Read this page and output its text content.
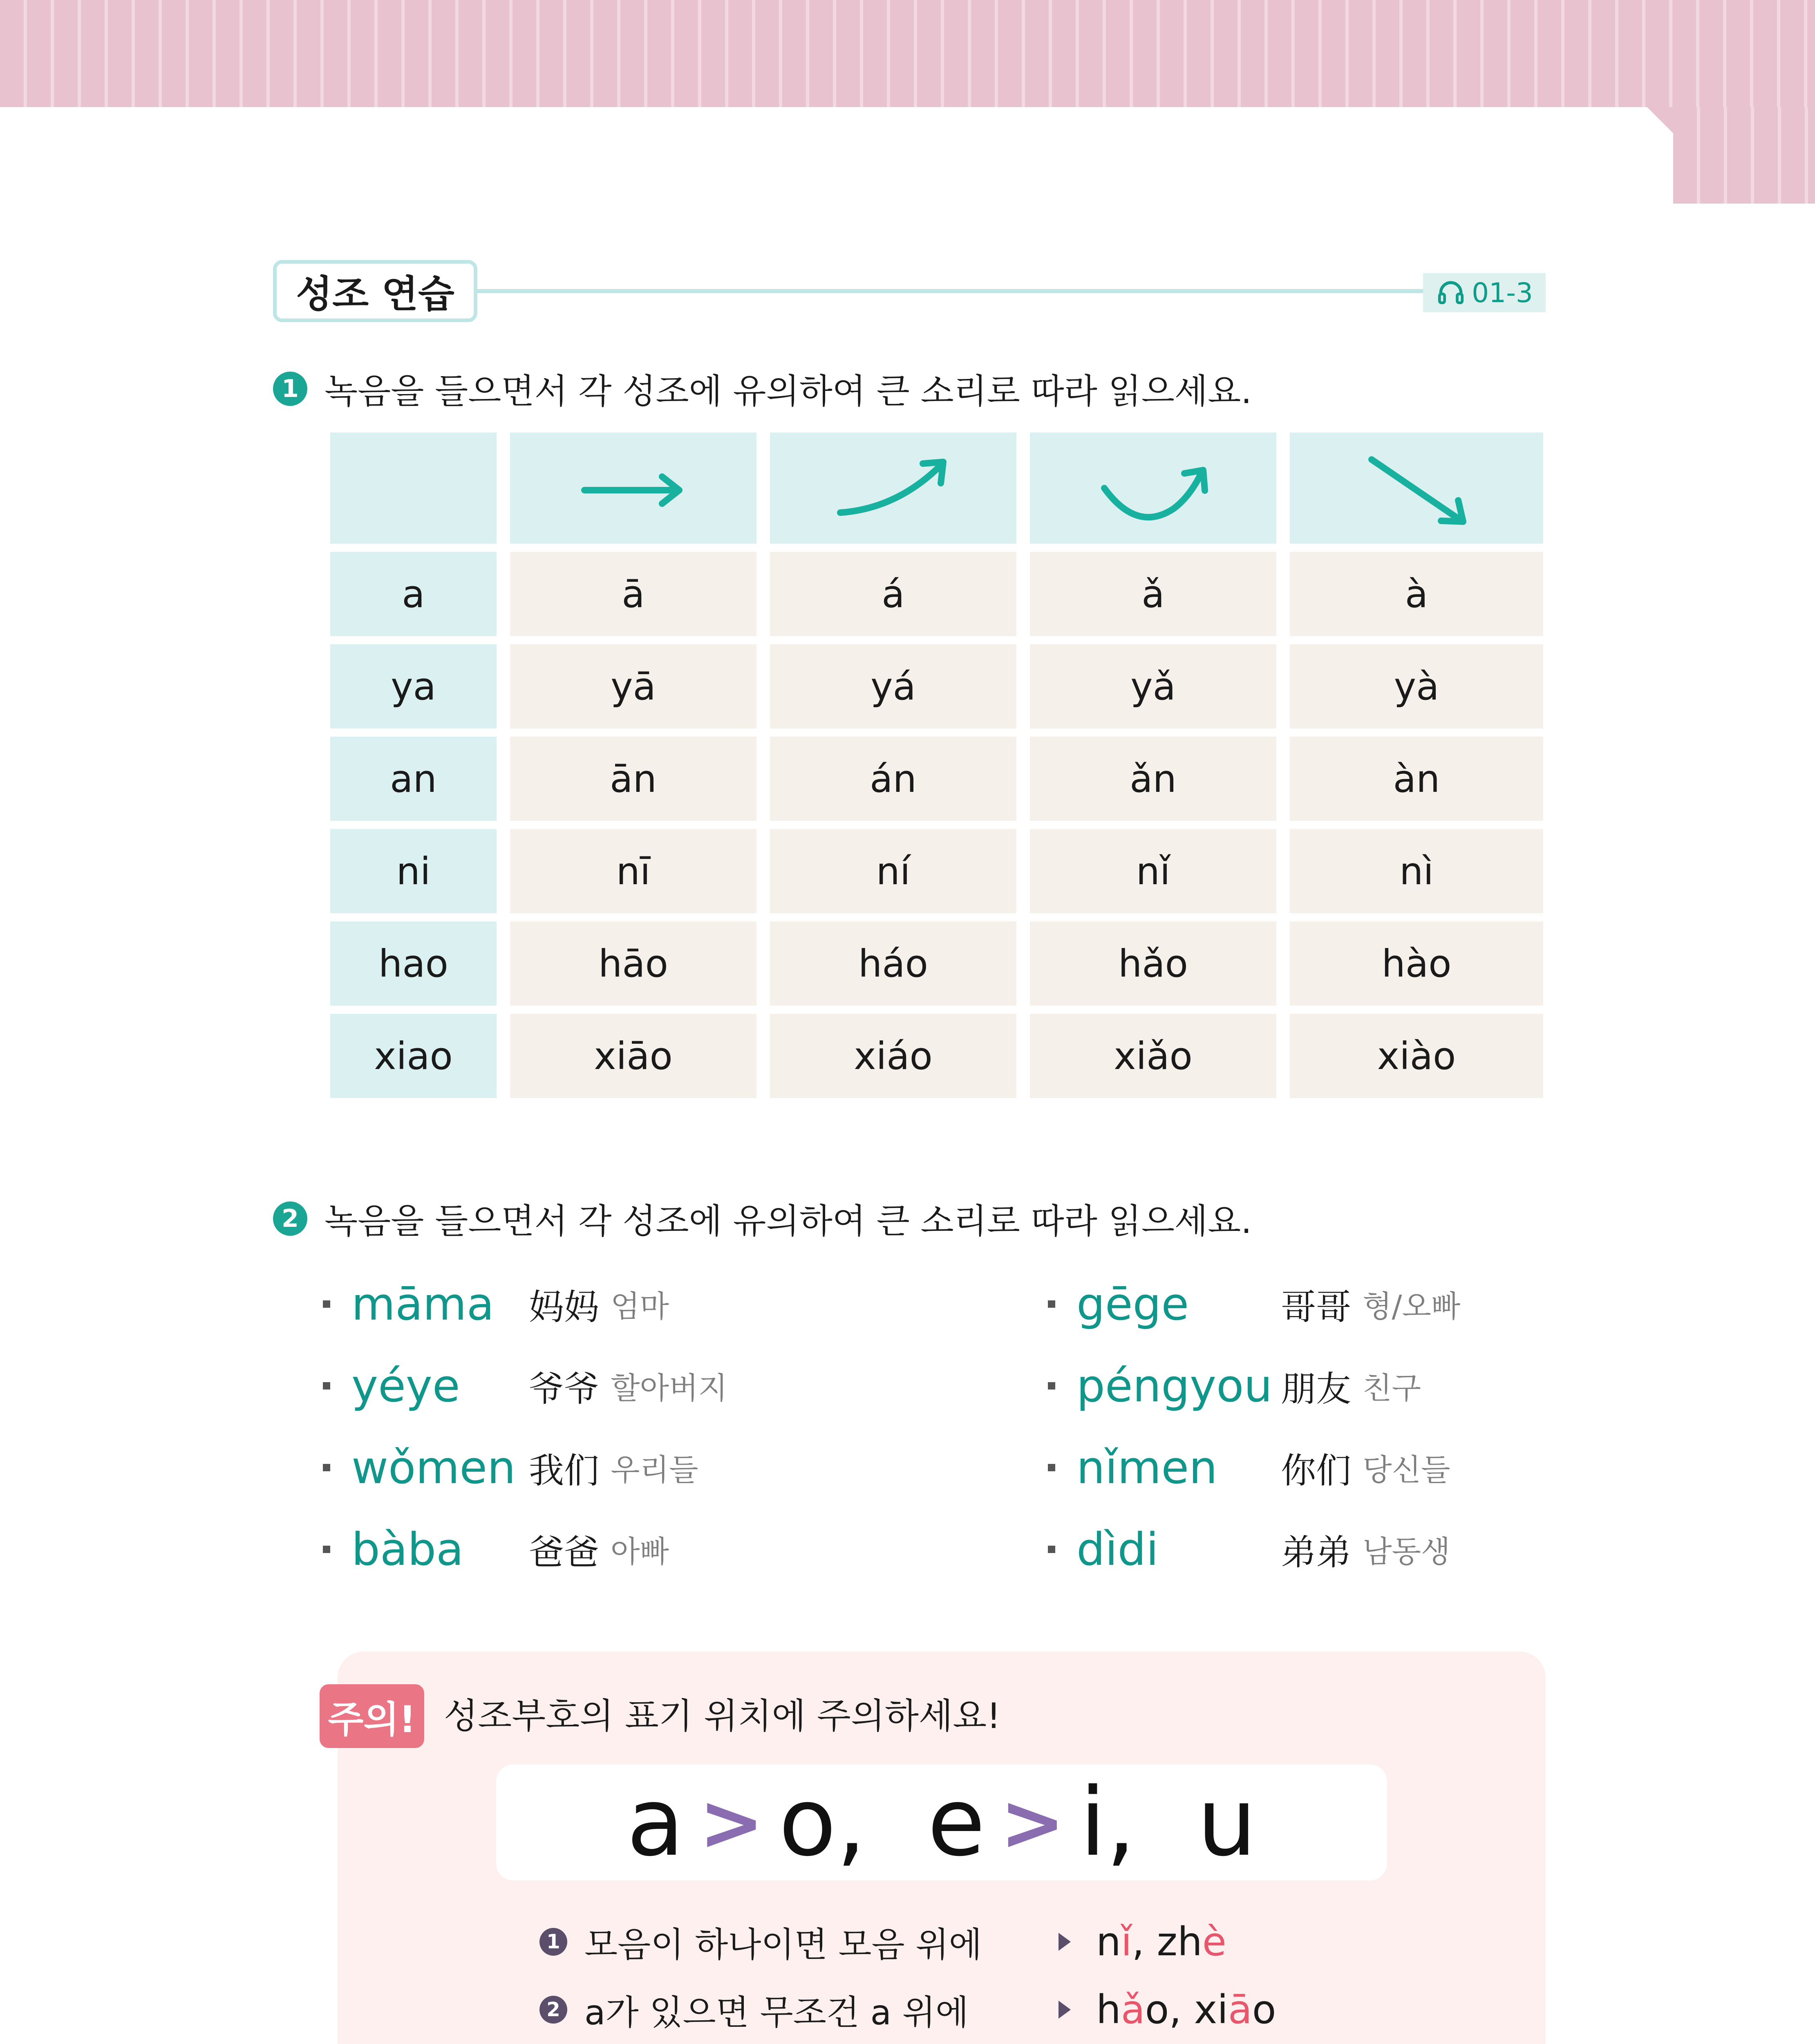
성조 연습	01-3
1 녹음을 들으면서 각 성조에 유의하여 큰 소리로 따라 읽으세요.
a	ā	á	ǎ	à
ya	yā	yá	yǎ	yà
an	ān	án	ǎn	àn
ni	nī	ní	nǐ	nì
hao	hāo	háo	hǎo	hào
xiao	xiāo	xiáo	xiǎo	xiào
2 녹음을 들으면서 각 성조에 유의하여 큰 소리로 따라 읽으세요.
māma 妈妈 엄마
yéye	爷爷 할아버지
wǒmen 我们 우리들
bàba	爸爸 아빠
gēge	哥哥 형/오빠
péngyou 朋友 친구
nǐmen	你们 당신들
dìdi	弟弟 남동생
주의! 성조부호의 표기 위치에 주의하세요!
a > o, e > i, u
1 모음이 하나이면 모음 위에	nǐ, zhè
2 a가 있으면 무조건 a 위에	hǎo, xiāo
